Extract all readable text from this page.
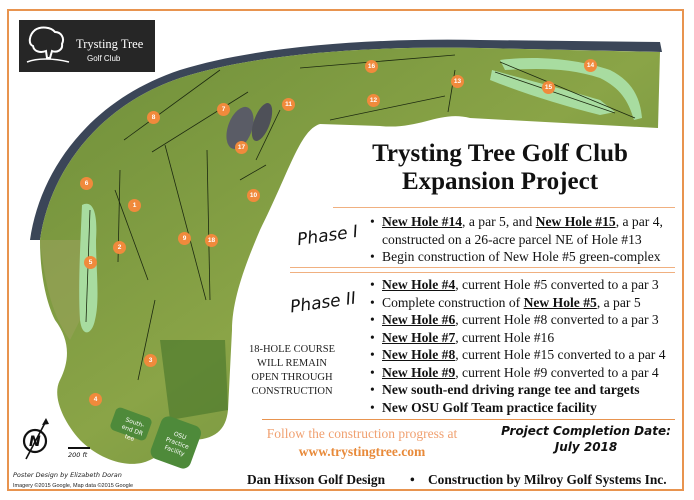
1
2
3
4
5
6
7
8
9
10
11
12
13
14
15
16
17
18
South-end DR tee	OSU Practice Facility
Trysting Tree
Golf Club
Trysting Tree Golf Club
Expansion Project
Phase I
• New Hole #14, a par 5, and New Hole #15, a par 4, constructed on a 26-acre parcel NE of Hole #13
• Begin construction of New Hole #5 green-complex
Phase II
• New Hole #4, current Hole #5 converted to a par 3
• Complete construction of New Hole #5, a par 5
• New Hole #6, current Hole #8 converted to a par 3
• New Hole #7, current Hole #16
• New Hole #8, current Hole #15 converted to a par 4
• New Hole #9, current Hole #9 converted to a par 4
• New south-end driving range tee and targets
• New OSU Golf Team practice facility
18-HOLE COURSE
WILL REMAIN
OPEN THROUGH
CONSTRUCTION
Follow the construction progress at
www.trystingtree.com
Project Completion Date:
July 2018
Dan Hixson Golf Design • Construction by Milroy Golf Systems Inc.
N
200 ft
Poster Design by Elizabeth Doran
Imagery ©2015 Google, Map data ©2015 Google
